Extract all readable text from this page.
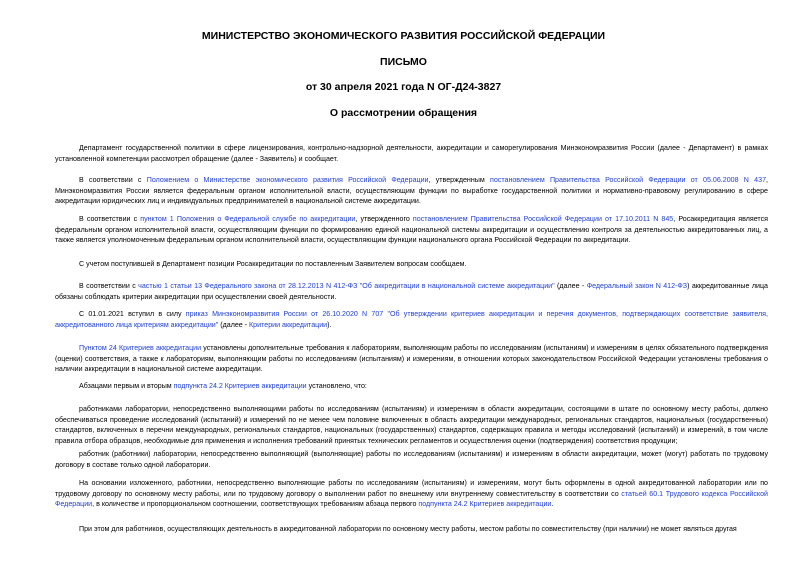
МИНИСТЕРСТВО ЭКОНОМИЧЕСКОГО РАЗВИТИЯ РОССИЙСКОЙ ФЕДЕРАЦИИ
ПИСЬМО
от 30 апреля 2021 года N ОГ-Д24-3827
О рассмотрении обращения
Департамент государственной политики в сфере лицензирования, контрольно-надзорной деятельности, аккредитации и саморегулирования Минэкономразвития России (далее - Департамент) в рамках установленной компетенции рассмотрел обращение (далее - Заявитель) и сообщает.
В соответствии с Положением о Министерстве экономического развития Российской Федерации, утвержденным постановлением Правительства Российской Федерации от 05.06.2008 N 437, Минэкономразвития России является федеральным органом исполнительной власти, осуществляющим функции по выработке государственной политики и нормативно-правовому регулированию в сфере аккредитации юридических лиц и индивидуальных предпринимателей в национальной системе аккредитации.
В соответствии с пунктом 1 Положения о Федеральной службе по аккредитации, утвержденного постановлением Правительства Российской Федерации от 17.10.2011 N 845, Росаккредитация является федеральным органом исполнительной власти, осуществляющим функции по формированию единой национальной системы аккредитации и осуществлению контроля за деятельностью аккредитованных лиц, а также является уполномоченным федеральным органом исполнительной власти, осуществляющим функции национального органа Российской Федерации по аккредитации.
С учетом поступившей в Департамент позиции Росаккредитации по поставленным Заявителем вопросам сообщаем.
В соответствии с частью 1 статьи 13 Федерального закона от 28.12.2013 N 412-ФЗ "Об аккредитации в национальной системе аккредитации" (далее - Федеральный закон N 412-ФЗ) аккредитованные лица обязаны соблюдать критерии аккредитации при осуществлении своей деятельности.
С 01.01.2021 вступил в силу приказ Минэкономразвития России от 26.10.2020 N 707 "Об утверждении критериев аккредитации и перечня документов, подтверждающих соответствие заявителя, аккредитованного лица критериям аккредитации" (далее - Критерии аккредитации).
Пунктом 24 Критериев аккредитации установлены дополнительные требования к лабораториям, выполняющим работы по исследованиям (испытаниям) и измерениям в целях обязательного подтверждения (оценки) соответствия, а также к лабораториям, выполняющим работы по исследованиям (испытаниям) и измерениям, в отношении которых законодательством Российской Федерации установлены требования о наличии аккредитации в национальной системе аккредитации.
Абзацами первым и вторым подпункта 24.2 Критериев аккредитации установлено, что:
работниками лаборатории, непосредственно выполняющими работы по исследованиям (испытаниям) и измерениям в области аккредитации, состоящими в штате по основному месту работы, должно обеспечиваться проведение исследований (испытаний) и измерений по не менее чем половине включенных в область аккредитации международных, региональных стандартов, национальных (государственных) стандартов, включенных в перечни международных, региональных стандартов, национальных (государственных) стандартов, содержащих правила и методы исследований (испытаний) и измерений, в том числе правила отбора образцов, необходимые для применения и исполнения требований принятых технических регламентов и осуществления оценки (подтверждения) соответствия продукции;
работник (работники) лаборатории, непосредственно выполняющий (выполняющие) работы по исследованиям (испытаниям) и измерениям в области аккредитации, может (могут) работать по трудовому договору в составе только одной лаборатории.
На основании изложенного, работники, непосредственно выполняющие работы по исследованиям (испытаниям) и измерениям, могут быть оформлены в одной аккредитованной лаборатории или по трудовому договору по основному месту работы, или по трудовому договору о выполнении работ по внешнему или внутреннему совместительству в соответствии со статьей 60.1 Трудового кодекса Российской Федерации, в количестве и пропорциональном соотношении, соответствующих требованиям абзаца первого подпункта 24.2 Критериев аккредитации.
При этом для работников, осуществляющих деятельность в аккредитованной лаборатории по основному месту работы, местом работы по совместительству (при наличии) не может являться другая
